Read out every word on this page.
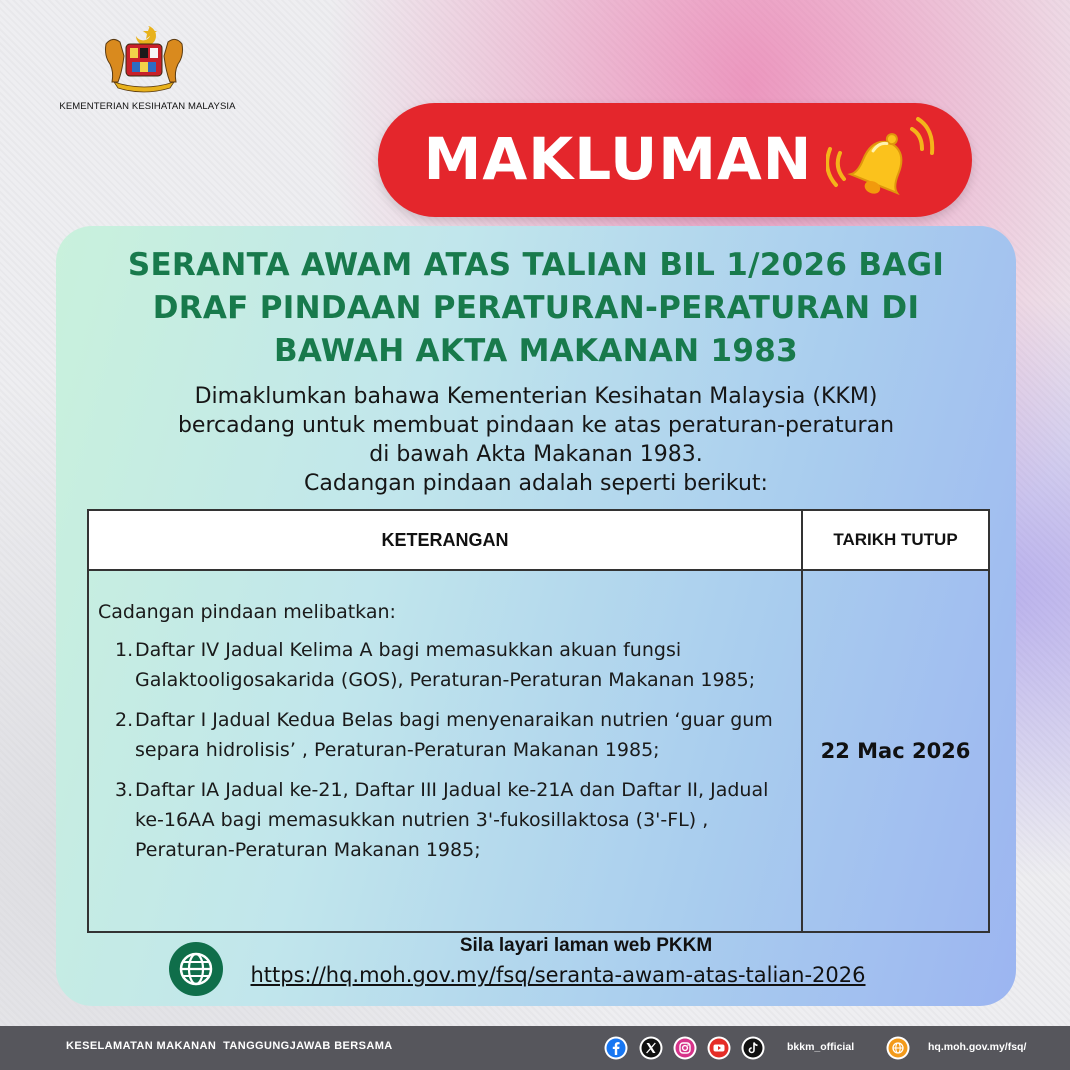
KEMENTERIAN KESIHATAN MALAYSIA
MAKLUMAN
SERANTA AWAM ATAS TALIAN BIL 1/2026 BAGI
DRAF PINDAAN PERATURAN-PERATURAN DI
BAWAH AKTA MAKANAN 1983
Dimaklumkan bahawa Kementerian Kesihatan Malaysia (KKM)
bercadang untuk membuat pindaan ke atas peraturan-peraturan
di bawah Akta Makanan 1983.
Cadangan pindaan adalah seperti berikut:
KETERANGAN	TARIKH TUTUP
Cadangan pindaan melibatkan:
1. Daftar IV Jadual Kelima A bagi memasukkan akuan fungsi Galaktooligosakarida (GOS), Peraturan-Peraturan Makanan 1985;
2. Daftar I Jadual Kedua Belas bagi menyenaraikan nutrien ‘guar gum separa hidrolisis’ , Peraturan-Peraturan Makanan 1985;
3. Daftar IA Jadual ke-21, Daftar III Jadual ke-21A dan Daftar II, Jadual ke-16AA bagi memasukkan nutrien 3'-fukosillaktosa (3'-FL) , Peraturan-Peraturan Makanan 1985;
22 Mac 2026
Sila layari laman web PKKM
https://hq.moh.gov.my/fsq/seranta-awam-atas-talian-2026
KESELAMATAN MAKANAN  TANGGUNGJAWAB BERSAMA	bkkm_official	hq.moh.gov.my/fsq/
